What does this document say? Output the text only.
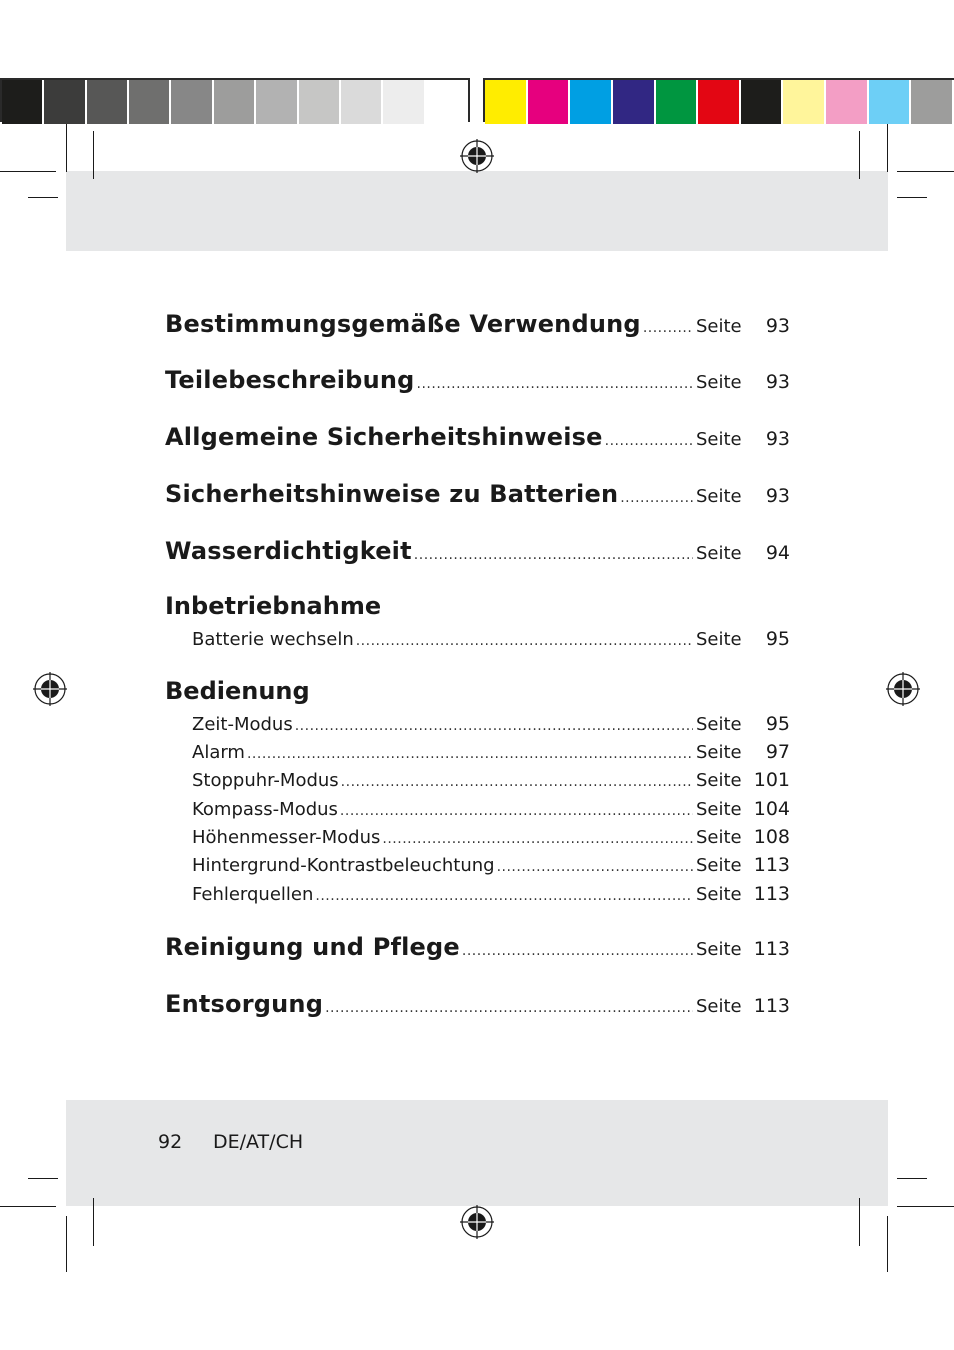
Bestimmungsgemäße Verwendung .....	Seite	93
Teilebeschreibung .....	Seite	93
Allgemeine Sicherheitshinweise .....	Seite	93
Sicherheitshinweise zu Batterien .....	Seite	93
Wasserdichtigkeit .....	Seite	94
Inbetriebnahme
Batterie wechseln .....	Seite	95
Bedienung
Zeit-Modus .....	Seite	95
Alarm .....	Seite	97
Stoppuhr-Modus .....	Seite 101
Kompass-Modus .....	Seite 104
Höhenmesser-Modus .....	Seite 108
Hintergrund-Kontrastbeleuchtung .....	Seite 113
Fehlerquellen .....	Seite 113
Reinigung und Pflege .....	Seite 113
Entsorgung .....	Seite 113
92 DE/AT/CH
